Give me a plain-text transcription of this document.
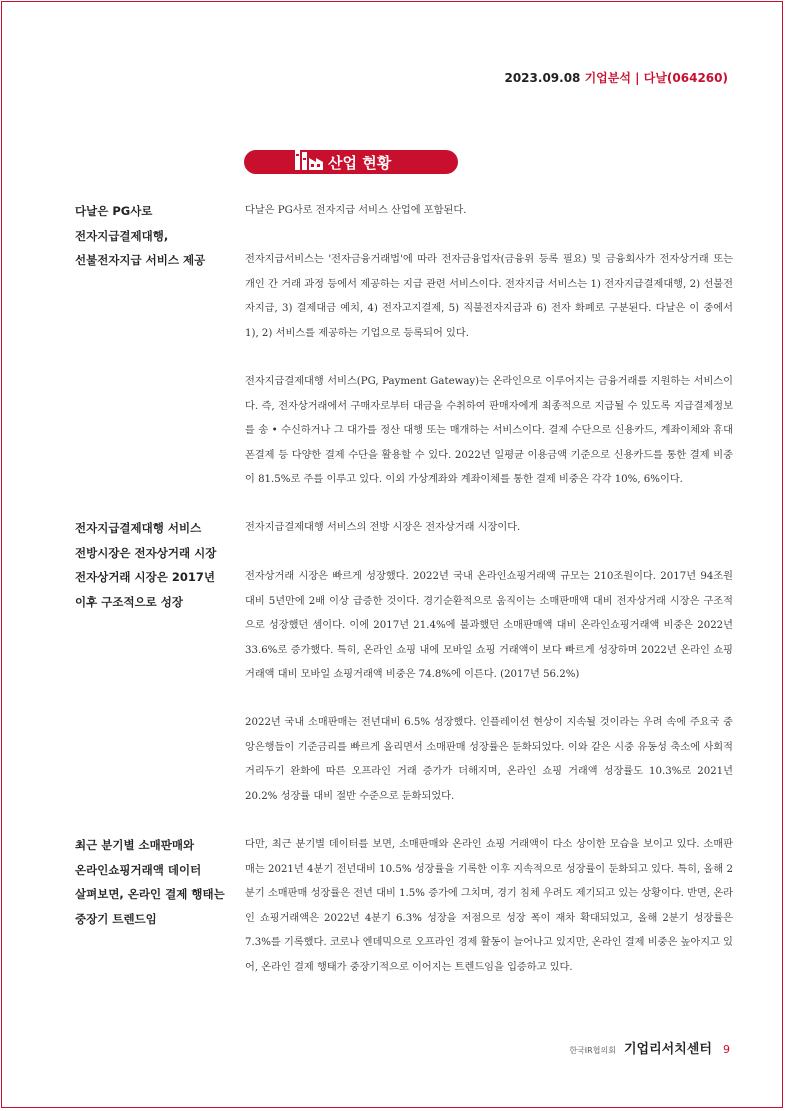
2023.09.08 기업분석 | 다날(064260)
산업 현황
다날은 PG사로
전자지급결제대행,
선불전자지급 서비스 제공
전자지급결제대행 서비스
전방시장은 전자상거래 시장
전자상거래 시장은 2017년
이후 구조적으로 성장
최근 분기별 소매판매와
온라인쇼핑거래액 데이터
살펴보면, 온라인 결제 행태는
중장기 트렌드임

다날은 PG사로 전자지급 서비스 산업에 포함된다.

전자지급서비스는 '전자금융거래법'에 따라 전자금융업자(금융위 등록 필요) 및 금융회사가 전자상거래 또는 개인 간 거래 과정 등에서 제공하는 지급 관련 서비스이다. 전자지급 서비스는 1) 전자지급결제대행, 2) 선불전자지급, 3) 결제대금 예치, 4) 전자고지결제, 5) 직불전자지급과 6) 전자 화폐로 구분된다. 다날은 이 중에서 1), 2) 서비스를 제공하는 기업으로 등록되어 있다.

전자지급결제대행 서비스(PG, Payment Gateway)는 온라인으로 이루어지는 금융거래를 지원하는 서비스이다. 즉, 전자상거래에서 구매자로부터 대금을 수취하여 판매자에게 최종적으로 지급될 수 있도록 지급결제정보를 송 • 수신하거나 그 대가를 정산 대행 또는 매개하는 서비스이다. 결제 수단으로 신용카드, 계좌이체와 휴대폰결제 등 다양한 결제 수단을 활용할 수 있다. 2022년 일평균 이용금액 기준으로 신용카드를 통한 결제 비중이 81.5%로 주를 이루고 있다. 이외 가상계좌와 계좌이체를 통한 결제 비중은 각각 10%, 6%이다.

전자지급결제대행 서비스의 전방 시장은 전자상거래 시장이다.

전자상거래 시장은 빠르게 성장했다. 2022년 국내 온라인쇼핑거래액 규모는 210조원이다. 2017년 94조원 대비 5년만에 2배 이상 급증한 것이다. 경기순환적으로 움직이는 소매판매액 대비 전자상거래 시장은 구조적으로 성장했던 셈이다. 이에 2017년 21.4%에 불과했던 소매판매액 대비 온라인쇼핑거래액 비중은 2022년 33.6%로 증가했다. 특히, 온라인 쇼핑 내에 모바일 쇼핑 거래액이 보다 빠르게 성장하며 2022년 온라인 쇼핑 거래액 대비 모바일 쇼핑거래액 비중은 74.8%에 이른다. (2017년 56.2%)

2022년 국내 소매판매는 전년대비 6.5% 성장했다. 인플레이션 현상이 지속될 것이라는 우려 속에 주요국 중앙은행들이 기준금리를 빠르게 올리면서 소매판매 성장률은 둔화되었다. 이와 같은 시중 유동성 축소에 사회적 거리두기 완화에 따른 오프라인 거래 증가가 더해지며, 온라인 쇼핑 거래액 성장률도 10.3%로 2021년 20.2% 성장률 대비 절반 수준으로 둔화되었다.

다만, 최근 분기별 데이터를 보면, 소매판매와 온라인 쇼핑 거래액이 다소 상이한 모습을 보이고 있다. 소매판매는 2021년 4분기 전년대비 10.5% 성장률을 기록한 이후 지속적으로 성장률이 둔화되고 있다. 특히, 올해 2분기 소매판매 성장률은 전년 대비 1.5% 증가에 그치며, 경기 침체 우려도 제기되고 있는 상황이다. 반면, 온라인 쇼핑거래액은 2022년 4분기 6.3% 성장을 저점으로 성장 폭이 재차 확대되었고, 올해 2분기 성장률은 7.3%를 기록했다. 코로나 엔데믹으로 오프라인 경제 활동이 늘어나고 있지만, 온라인 결제 비중은 높아지고 있어, 온라인 결제 행태가 중장기적으로 이어지는 트렌드임을 입증하고 있다.

한국IR협의회 기업리서치센터 9
